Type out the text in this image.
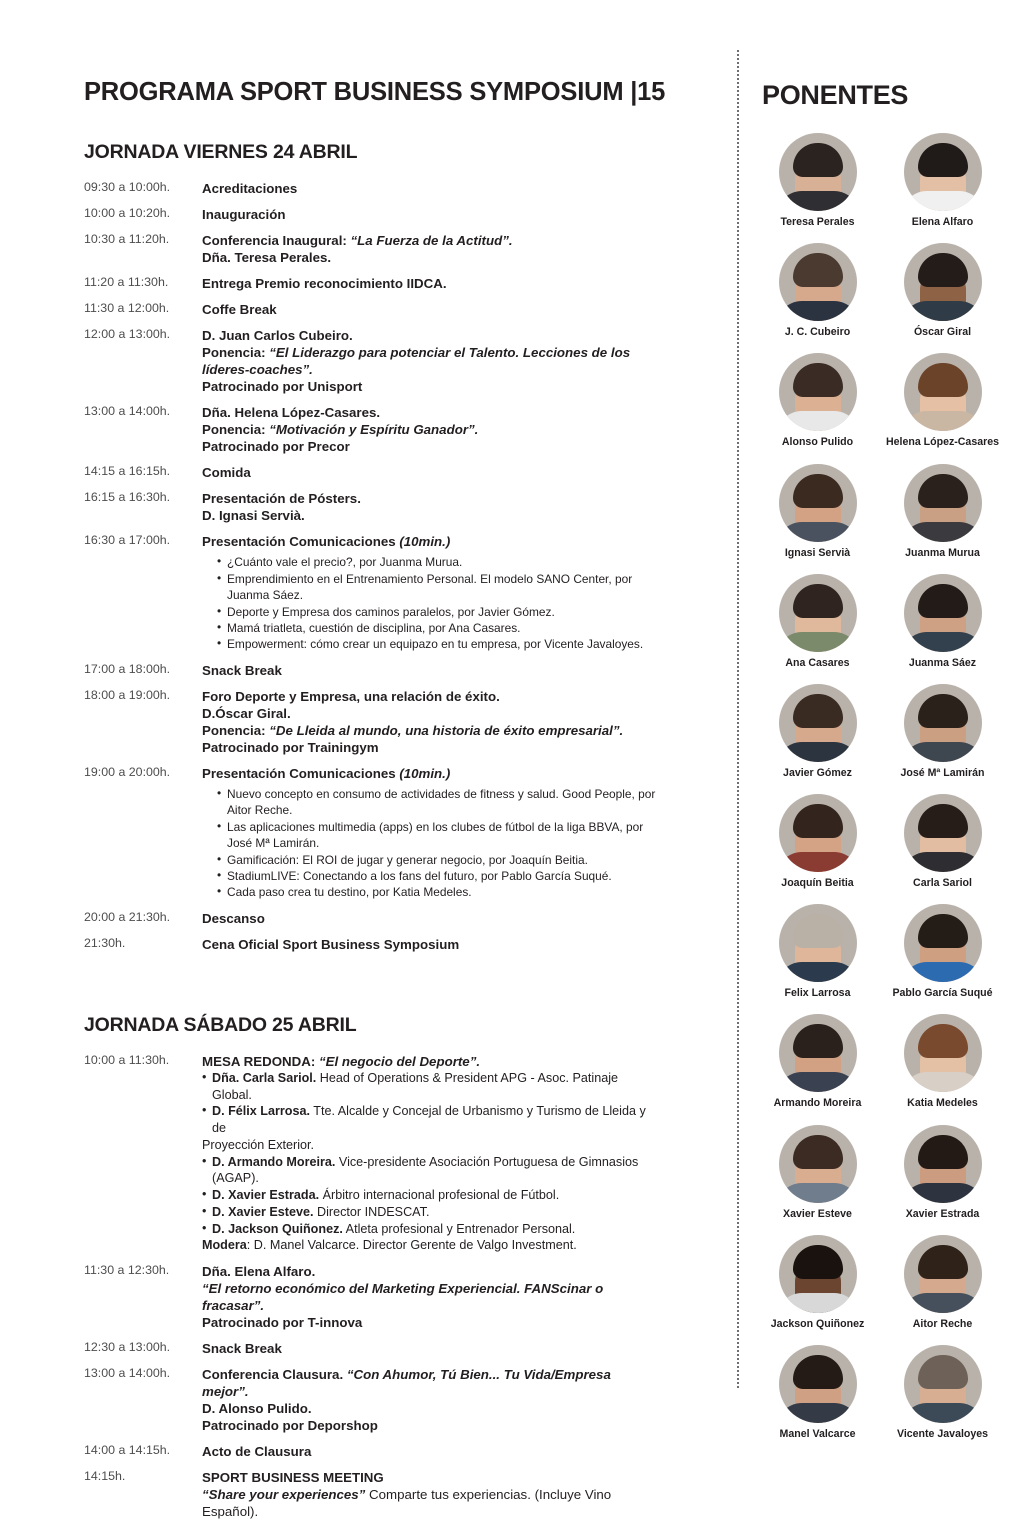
PROGRAMA SPORT BUSINESS SYMPOSIUM |15
JORNADA VIERNES 24 ABRIL
09:30 a 10:00h.	Acreditaciones

10:00 a 10:20h.	Inauguración

10:30 a 11:20h.	Conferencia Inaugural: “La Fuerza de la Actitud”.
Dña. Teresa Perales.

11:20 a 11:30h.	Entrega Premio reconocimiento IIDCA.

11:30 a 12:00h.	Coffe Break

12:00 a 13:00h.	D. Juan Carlos Cubeiro.
Ponencia: “El Liderazgo para potenciar el Talento. Lecciones de los
líderes-coaches”.
Patrocinado por Unisport

13:00 a 14:00h.	Dña. Helena López-Casares.
Ponencia: “Motivación y Espíritu Ganador”.
Patrocinado por Precor

14:15 a 16:15h.	Comida

16:15 a 16:30h.	Presentación de Pósters.
D. Ignasi Servià.

16:30 a 17:00h.	Presentación Comunicaciones (10min.)
• ¿Cuánto vale el precio?, por Juanma Murua.
• Emprendimiento en el Entrenamiento Personal. El modelo SANO Center, por Juanma Sáez.
• Deporte y Empresa dos caminos paralelos, por Javier Gómez.
• Mamá triatleta, cuestión de disciplina, por Ana Casares.
• Empowerment: cómo crear un equipazo en tu empresa, por Vicente Javaloyes.

17:00 a 18:00h.	Snack Break

18:00 a 19:00h.	Foro Deporte y Empresa, una relación de éxito.
D.Óscar Giral.
Ponencia: “De Lleida al mundo, una historia de éxito empresarial”.
Patrocinado por Trainingym

19:00 a 20:00h.	Presentación Comunicaciones (10min.)
• Nuevo concepto en consumo de actividades de fitness y salud. Good People, por Aitor Reche.
• Las aplicaciones multimedia (apps) en los clubes de fútbol de la liga BBVA, por José Mª Lamirán.
• Gamificación: El ROI de jugar y generar negocio, por Joaquín Beitia.
• StadiumLIVE: Conectando a los fans del futuro, por Pablo García Suqué.
• Cada paso crea tu destino, por Katia Medeles.

20:00 a 21:30h.	Descanso

21:30h.	Cena Oficial Sport Business Symposium
JORNADA SÁBADO 25 ABRIL
10:00 a 11:30h.	MESA REDONDA: “El negocio del Deporte”.

• Dña. Carla Sariol. Head of Operations & President APG - Asoc. Patinaje Global.

• D. Félix Larrosa. Tte. Alcalde y Concejal de Urbanismo y Turismo de Lleida y de

Proyección Exterior.

• D. Armando Moreira. Vice-presidente Asociación Portuguesa de Gimnasios (AGAP).

• D. Xavier Estrada. Árbitro internacional profesional de Fútbol.

• D. Xavier Esteve. Director INDESCAT.

• D. Jackson Quiñonez. Atleta profesional y Entrenador Personal.

Modera: D. Manel Valcarce. Director Gerente de Valgo Investment.

11:30 a 12:30h.	Dña. Elena Alfaro.
“El retorno económico del Marketing Experiencial. FANScinar o fracasar”.
Patrocinado por T-innova

12:30 a 13:00h.	Snack Break

13:00 a 14:00h.	Conferencia Clausura. “Con Ahumor, Tú Bien... Tu Vida/Empresa mejor”.
D. Alonso Pulido.
Patrocinado por Deporshop

14:00 a 14:15h.	Acto de Clausura

14:15h.	SPORT BUSINESS MEETING
“Share your experiences” Comparte tus experiencias. (Incluye Vino Español).
PONENTES
Teresa Perales	Elena Alfaro
J. C. Cubeiro	Óscar Giral
Alonso Pulido	Helena López-Casares
Ignasi Servià	Juanma Murua
Ana Casares	Juanma Sáez
Javier Gómez	José Mª Lamirán
Joaquín Beitia	Carla Sariol
Felix Larrosa	Pablo García Suqué
Armando Moreira	Katia Medeles
Xavier Esteve	Xavier Estrada
Jackson Quiñonez	Aitor Reche
Manel Valcarce	Vicente Javaloyes
